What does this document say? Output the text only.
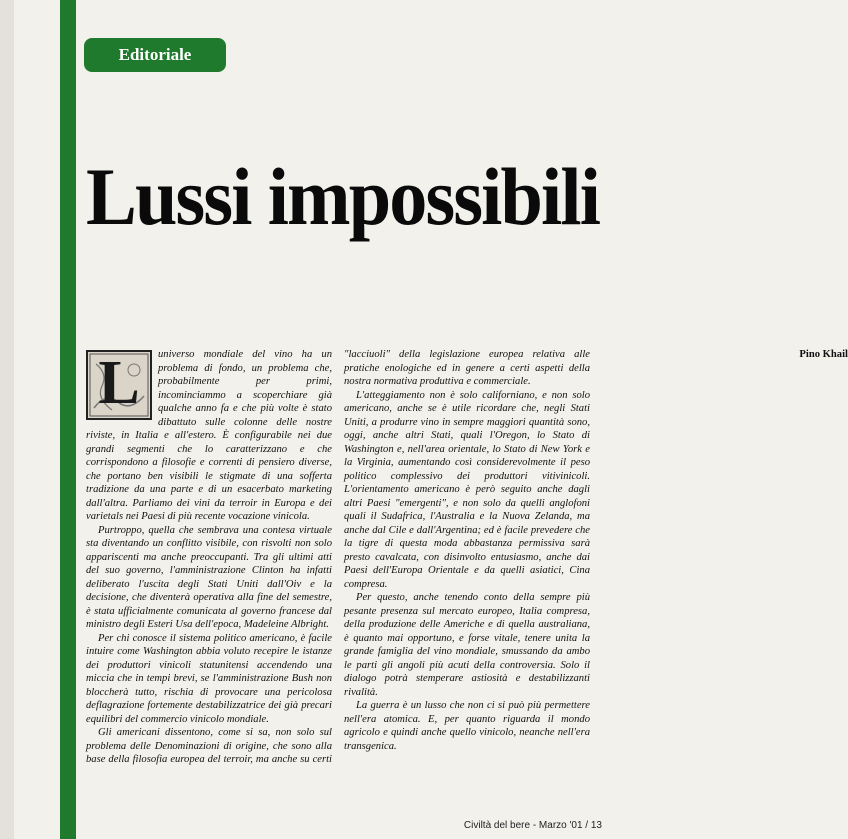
Editoriale
Lussi impossibili

L	universo mondiale del vino ha un problema di fondo, un problema che, probabilmente per primi, incominciammo a scoperchiare già qualche anno fa e che più volte è stato dibattuto sulle colonne delle nostre riviste, in Italia e all'estero. È configurabile nei due grandi segmenti che lo caratterizzano e che corrispondono a filosofie e correnti di pensiero diverse, che portano ben visibili le stigmate di una sofferta tradizione da una parte e di un esacerbato marketing dall'altra. Parliamo dei vini da terroir in Europa e dei varietals nei Paesi di più recente vocazione vinicola.

Purtroppo, quella che sembrava una contesa virtuale sta diventando un conflitto visibile, con risvolti non solo appariscenti ma anche preoccupanti. Tra gli ultimi atti del suo governo, l'amministrazione Clinton ha infatti deliberato l'uscita degli Stati Uniti dall'Oiv e la decisione, che diventerà operativa alla fine del semestre, è stata ufficialmente comunicata al governo francese dal ministro degli Esteri Usa dell'epoca, Madeleine Albright.

Per chi conosce il sistema politico americano, è facile intuire come Washington abbia voluto recepire le istanze dei produttori vinicoli statunitensi accendendo una miccia che in tempi brevi, se l'amministrazione Bush non bloccherà tutto, rischia di provocare una pericolosa deflagrazione fortemente destabilizzatrice dei già precari equilibri del commercio vinicolo mondiale.

Gli americani dissentono, come si sa, non solo sul problema delle Denominazioni di origine, che sono alla base della filosofia europea del terroir, ma anche su certi "lacciuoli" della legislazione europea relativa alle pratiche enologiche ed in genere a certi aspetti della nostra normativa produttiva e commerciale.

L'atteggiamento non è solo californiano, e non solo americano, anche se è utile ricordare che, negli Stati Uniti, a produrre vino in sempre maggiori quantità sono, oggi, anche altri Stati, quali l'Oregon, lo Stato di Washington e, nell'area orientale, lo Stato di New York e la Virginia, aumentando così considerevolmente il peso politico complessivo dei produttori vitivinicoli. L'orientamento americano è però seguito anche dagli altri Paesi "emergenti", e non solo da quelli anglofoni quali il Sudafrica, l'Australia e la Nuova Zelanda, ma anche dal Cile e dall'Argentina; ed è facile prevedere che la tigre di questa moda abbastanza permissiva sarà presto cavalcata, con disinvolto entusiasmo, anche dai Paesi dell'Europa Orientale e da quelli asiatici, Cina compresa.

Per questo, anche tenendo conto della sempre più pesante presenza sul mercato europeo, Italia compresa, della produzione delle Americhe e di quella australiana, è quanto mai opportuno, e forse vitale, tenere unita la grande famiglia del vino mondiale, smussando da ambo le parti gli angoli più acuti della controversia. Solo il dialogo potrà stemperare astiosità e destabilizzanti rivalità.

La guerra è un lusso che non ci si può più permettere nell'era atomica. E, per quanto riguarda il mondo agricolo e quindi anche quello vinicolo, neanche nell'era transgenica.

Pino Khail

Civiltà del bere - Marzo '01 / 13
